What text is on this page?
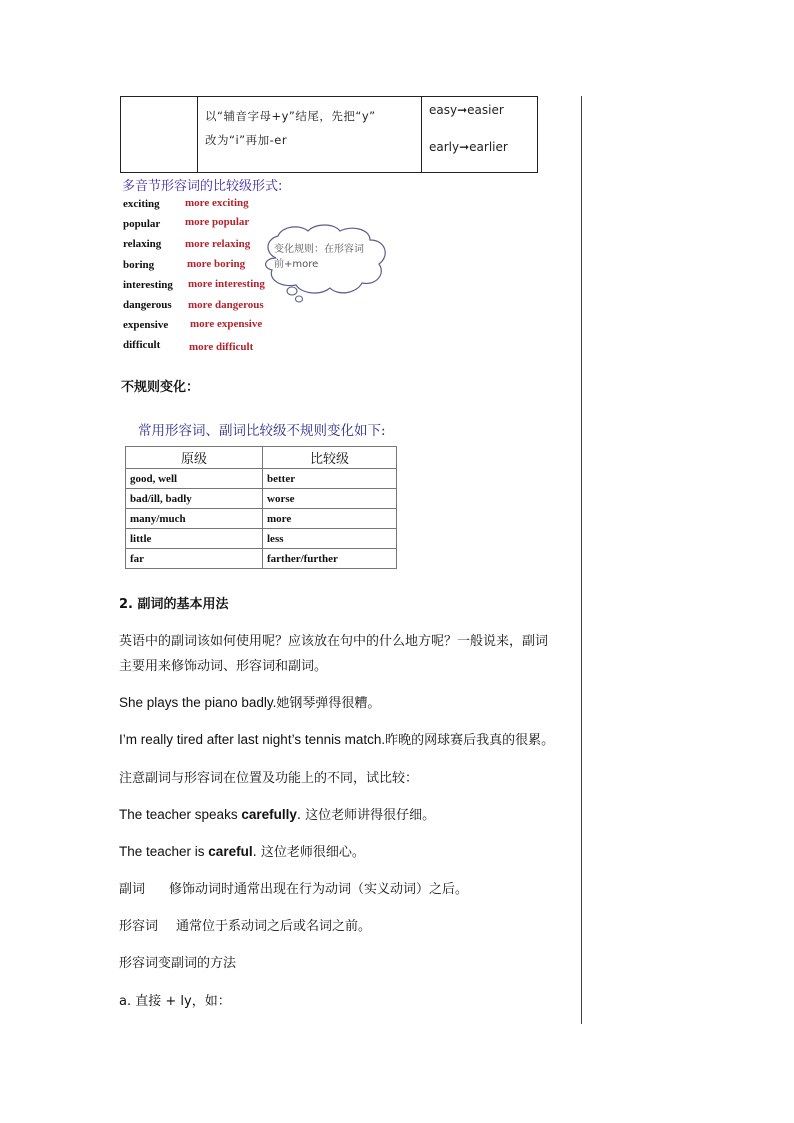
以“辅音字母+y”结尾，先把“y”
改为“i”再加-er
easy➞easier
early➞earlier
多音节形容词的比较级形式:
exciting more exciting
popular more popular
relaxing more relaxing
boring	more boring
interesting more interesting
dangerous more dangerous
expensive more expensive
difficult	more difficult
变化规则：在形容词
前+more
不规则变化：
常用形容词、副词比较级不规则变化如下:
原级	比较级
good, well	better
bad/ill, badly	worse
many/much	more
little	less
far	farther/further
2. 副词的基本用法
英语中的副词该如何使用呢？应该放在句中的什么地方呢？一般说来，副词
主要用来修饰动词、形容词和副词。
She plays the piano badly.她钢琴弹得很糟。
I’m really tired after last night’s tennis match.昨晚的网球赛后我真的很累。
注意副词与形容词在位置及功能上的不同，试比较：
The teacher speaks carefully. 这位老师讲得很仔细。
The teacher is careful. 这位老师很细心。
副词 修饰动词时通常出现在行为动词（实义动词）之后。
形容词 通常位于系动词之后或名词之前。
形容词变副词的方法
a. 直接 + ly，如：
